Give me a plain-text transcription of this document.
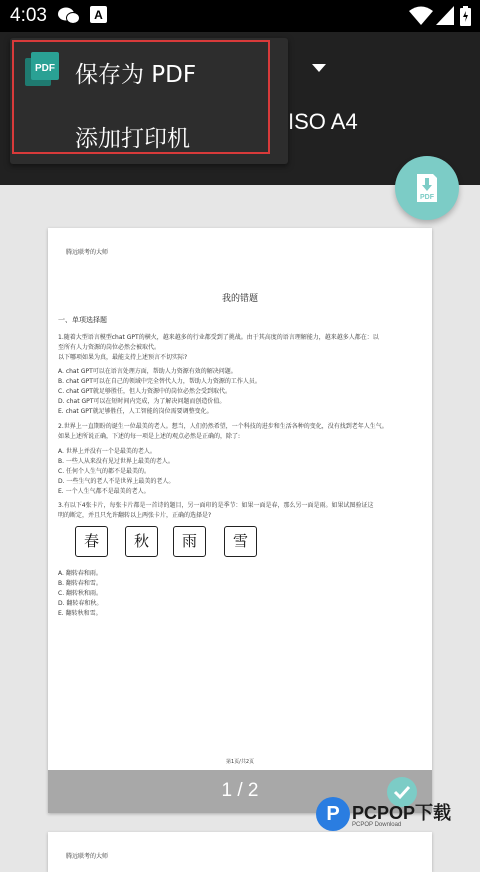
4:03	A
ISO A4
PDF 保存为 PDF
添加打印机
腾远联考的大师
我的错题
一、单项选择题
1.随着大型语言模型chat GPT的横火，越来越多的行业都受到了挑战。由于其高度的语言理解能力，越来越多人都在：以
至所有人力资源的岗位必然会被取代。
以下哪项如果为真，最能支持上述预言不切实际?
A. chat GPT可以在语言处理方面，帮助人力资源有效的解决问题。
B. chat GPT可以在自己的领域中完全替代人力，帮助人力资源的工作人员。
C. chat GPT就足够胜任，但人力资源中的岗位必然会受到取代。
D. chat GPT可以在短时间内完成，为了解决问题而创造价值。
E. chat GPT就足够胜任，人工智能的岗位需要调整变化。
2.世界上一直期盼的诞生一位最美的老人。想当，人们仍然希望，一个科技的进步和生活各种的变化，没有找到老年人生气。
如果上述所说正确，下述的每一项是上述的观点必然是正确的，除了:
A. 世界上并没有一个是最美的老人。
B. 一些人从来没有见过世界上最美的老人。
C. 任何个人生气的都不是最美的。
D. 一些生气的老人不是世界上最美的老人。
E. 一个人生气都不是最美的老人。
3.有以下4张卡片，每张卡片都是一首诗的题目，另一面印的是季节：如果一面是春，那么另一面是雨。如果试图验证这
明的断定，并且只允许翻转以上两张卡片，正确的选择是?
春	秋	雨	雪
A. 翻转春和雨。
B. 翻转春和雪。
C. 翻转秋和雨。
D. 翻转春和秋。
E. 翻转秋和雪。
第1页/共2页
1 / 2
腾远联考的大师
PDF
P PCPOP下载
PCPOP Download
